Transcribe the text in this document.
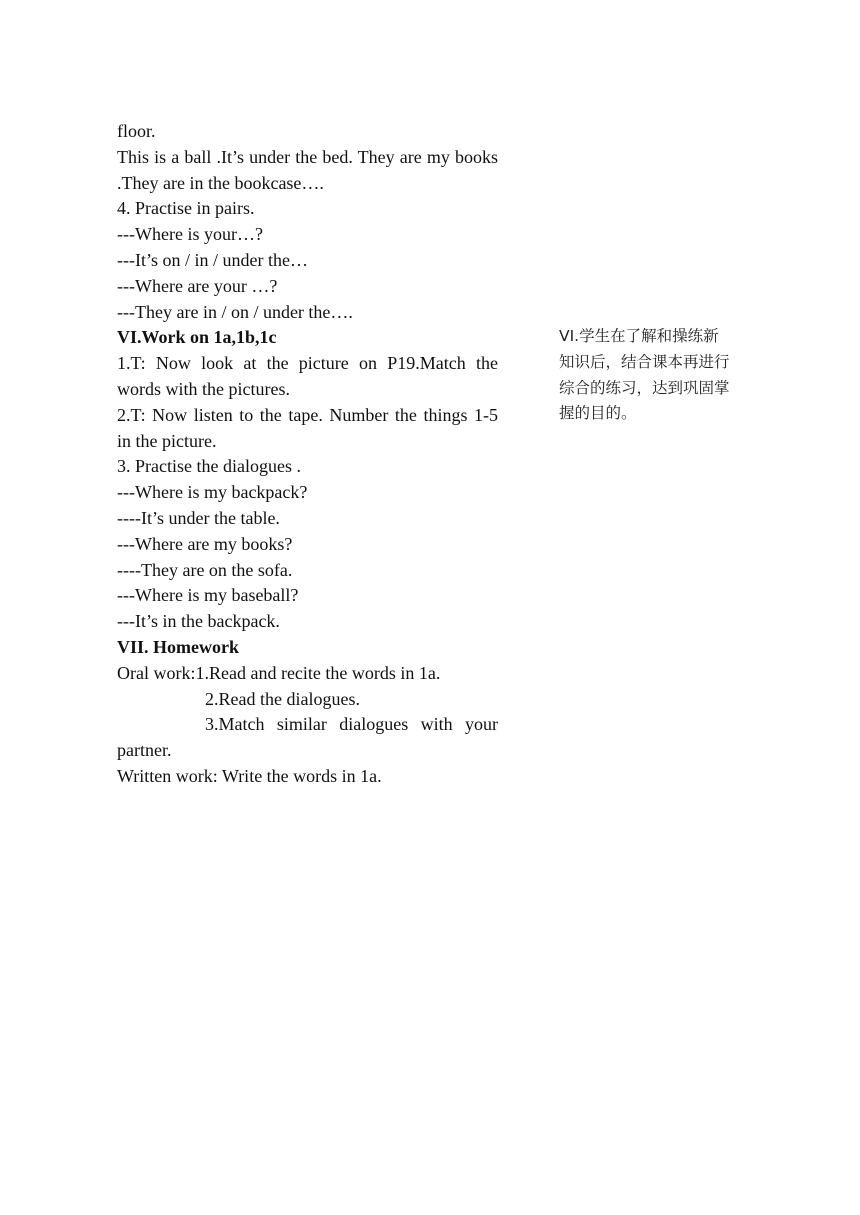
floor.
This is a ball .It’s under the bed. They are my books .They are in the bookcase….
4. Practise in pairs.
---Where is your…?
---It’s on / in / under the…
---Where are your …?
---They are in / on / under the….
VI.Work on 1a,1b,1c
1.T: Now look at the picture on P19.Match the words with the pictures.
2.T: Now listen to the tape. Number the things 1-5 in the picture.
3. Practise the dialogues .
---Where is my backpack?
----It’s under the table.
---Where are my books?
----They are on the sofa.
---Where is my baseball?
---It’s in the backpack.
VII. Homework
Oral work:1.Read and recite the words in 1a.
2.Read the dialogues.
3.Match similar dialogues with your partner.
Written work: Write the words in 1a.
VI.学生在了解和操练新
知识后，结合课本再进行
综合的练习，达到巩固掌
握的目的。
